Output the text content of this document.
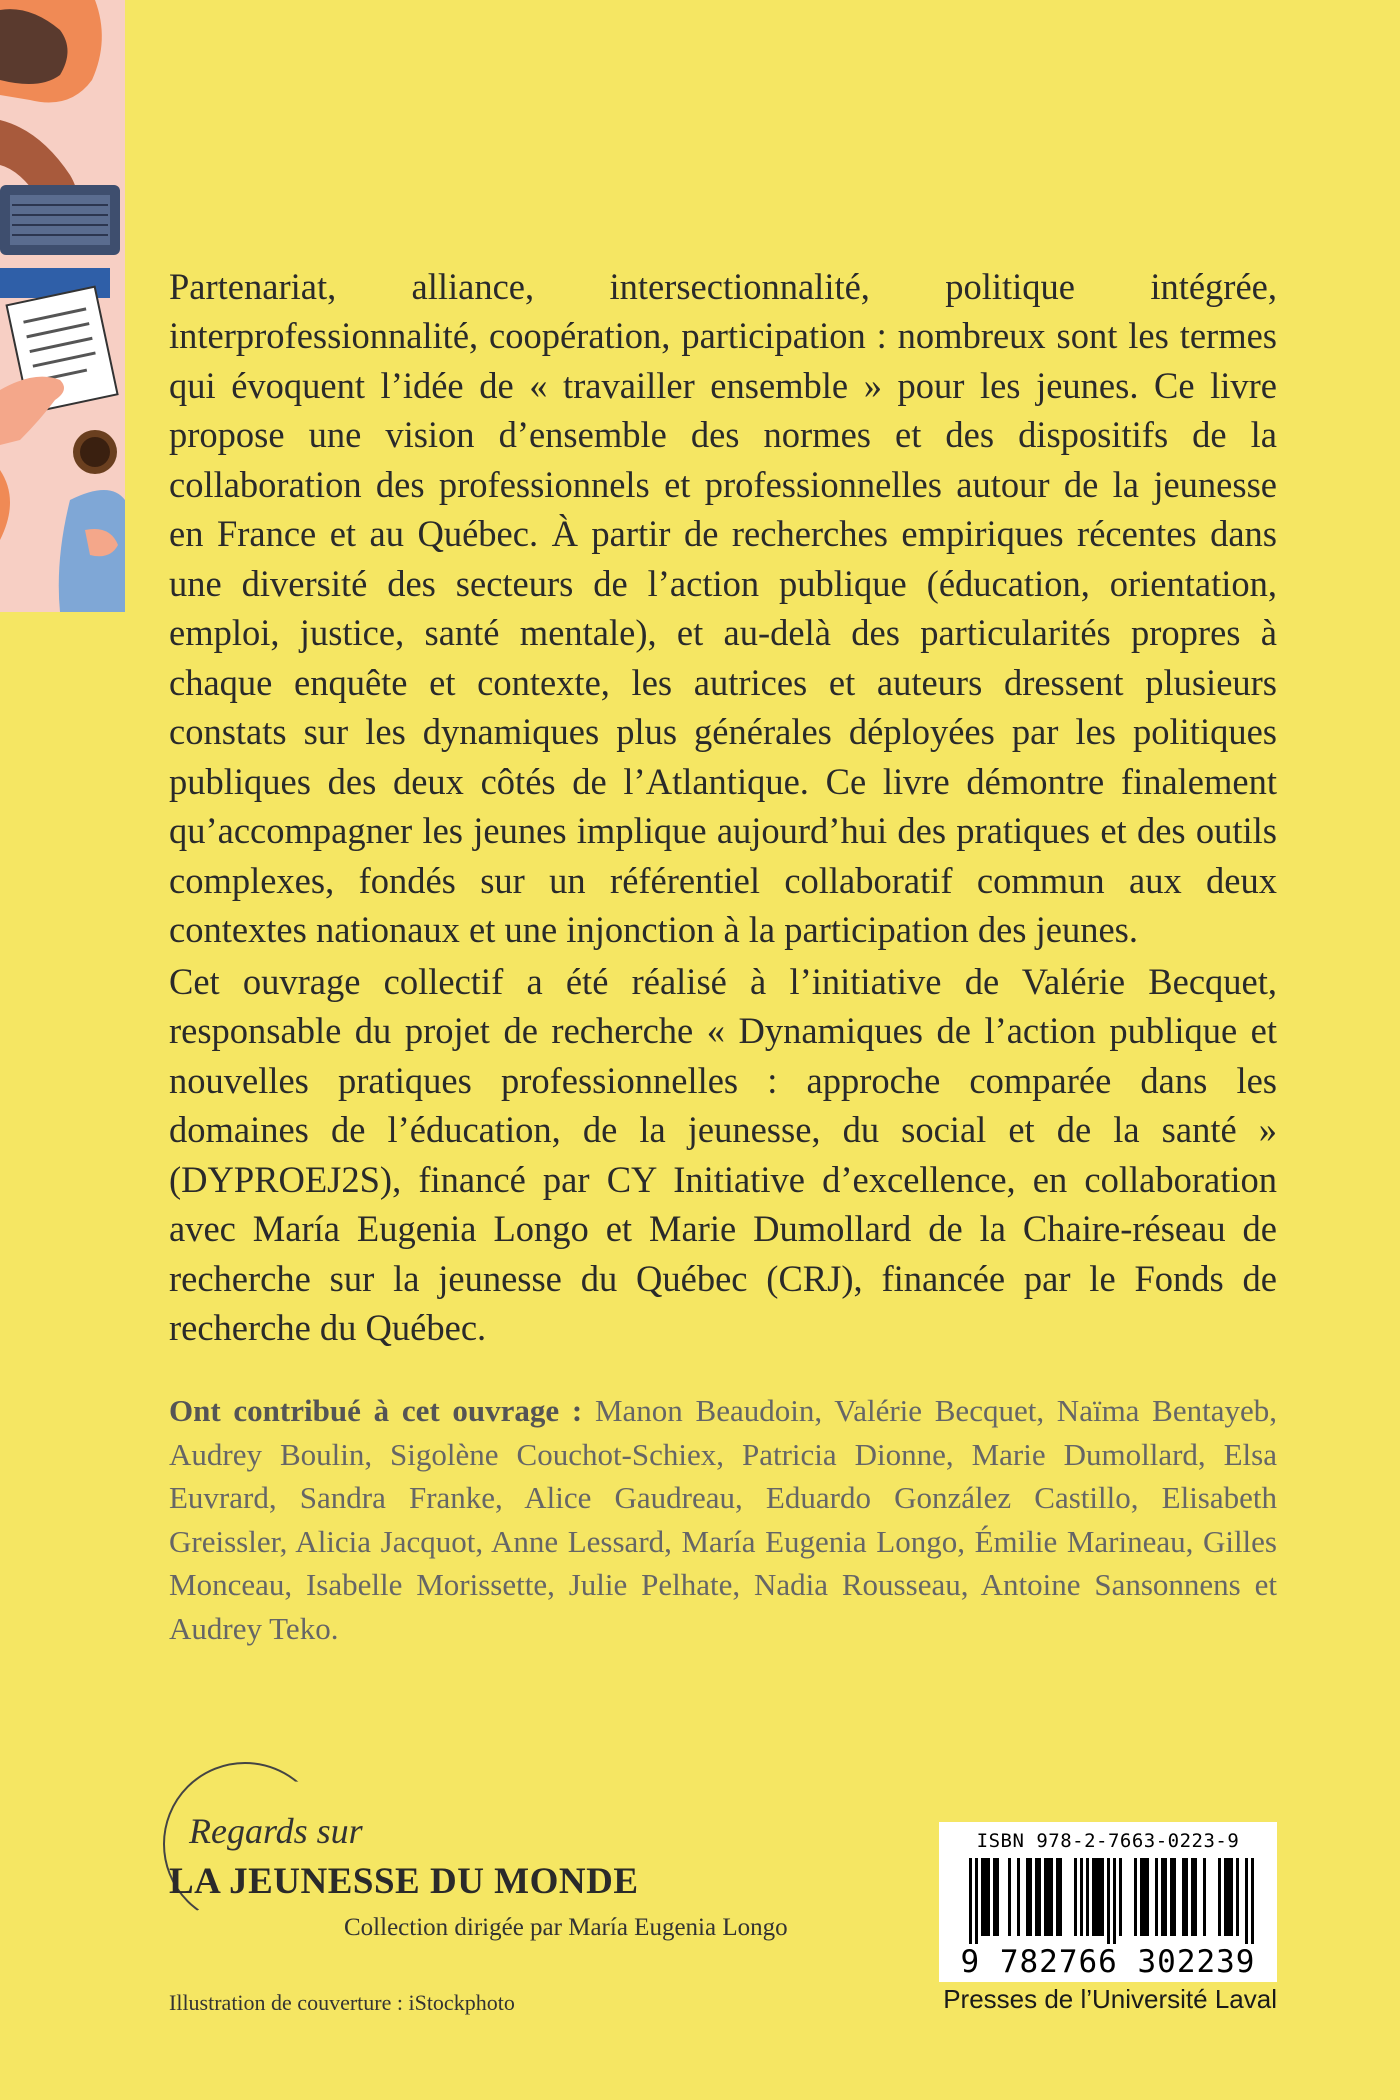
Partenariat, alliance, intersectionnalité, politique intégrée, interprofessionnalité, coopération, participation : nombreux sont les termes qui évoquent l’idée de « travailler ensemble » pour les jeunes. Ce livre propose une vision d’ensemble des normes et des dispositifs de la collaboration des professionnels et professionnelles autour de la jeunesse en France et au Québec. À partir de recherches empiriques récentes dans une diversité des secteurs de l’action publique (éducation, orientation, emploi, justice, santé mentale), et au-delà des particularités propres à chaque enquête et contexte, les autrices et auteurs dressent plusieurs constats sur les dynamiques plus générales déployées par les politiques publiques des deux côtés de l’Atlantique. Ce livre démontre finalement qu’accompagner les jeunes implique aujourd’hui des pratiques et des outils complexes, fondés sur un référentiel collaboratif commun aux deux contextes nationaux et une injonction à la participation des jeunes.

Cet ouvrage collectif a été réalisé à l’initiative de Valérie Becquet, responsable du projet de recherche « Dynamiques de l’action publique et nouvelles pratiques professionnelles : approche comparée dans les domaines de l’éducation, de la jeunesse, du social et de la santé » (DYPROEJ2S), financé par CY Initiative d’excellence, en collaboration avec María Eugenia Longo et Marie Dumollard de la Chaire-réseau de recherche sur la jeunesse du Québec (CRJ), financée par le Fonds de recherche du Québec.

Ont contribué à cet ouvrage : Manon Beaudoin, Valérie Becquet, Naïma Bentayeb, Audrey Boulin, Sigolène Couchot-Schiex, Patricia Dionne, Marie Dumollard, Elsa Euvrard, Sandra Franke, Alice Gaudreau, Eduardo González Castillo, Elisabeth Greissler, Alicia Jacquot, Anne Lessard, María Eugenia Longo, Émilie Marineau, Gilles Monceau, Isabelle Morissette, Julie Pelhate, Nadia Rousseau, Antoine Sansonnens et Audrey Teko.

Regards sur
LA JEUNESSE DU MONDE
Collection dirigée par María Eugenia Longo
Illustration de couverture : iStockphoto
ISBN 978-2-7663-0223-9
9 782766 302239
Presses de l’Université Laval
